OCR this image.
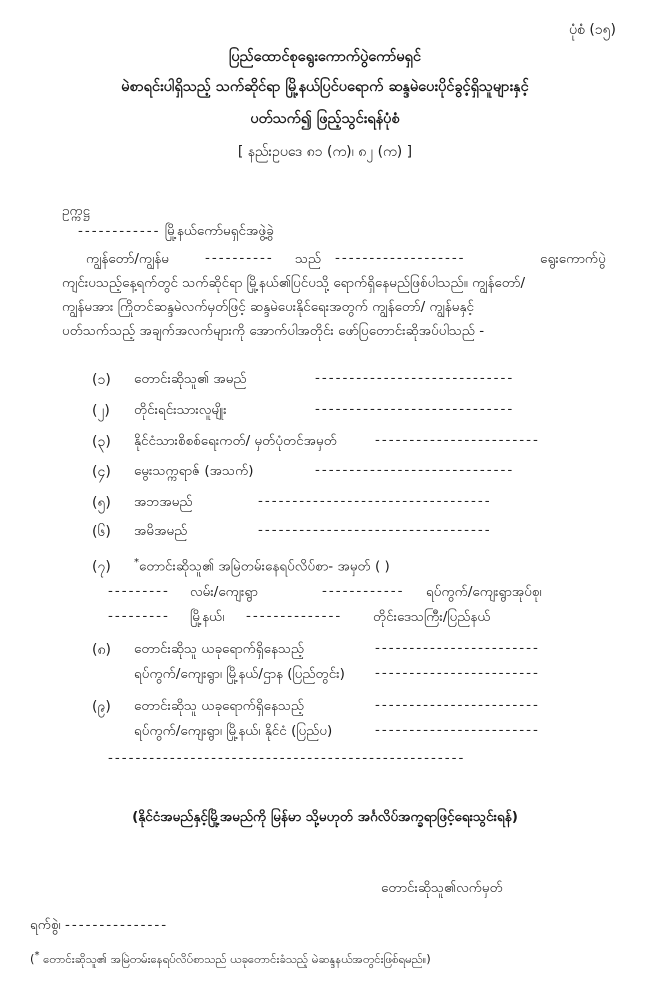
ပုံစံ (၁၅)
ပြည်ထောင်စုရွေးကောက်ပွဲကော်မရှင်
မဲစာရင်းပါရှိသည့် သက်ဆိုင်ရာ မြို့နယ်ပြင်ပရောက် ဆန္ဒမဲပေးပိုင်ခွင့်ရှိသူများနှင့်
ပတ်သက်၍ ဖြည့်သွင်းရန်ပုံစံ
[ နည်းဥပဒေ ၈၁ (က)၊ ၈၂ (က) ]
ဥက္ကဋ္ဌ
------------ မြို့နယ်ကော်မရှင်အဖွဲ့ခွဲ
ကျွန်တော်/ကျွန်မ	---------- သည် -------------------	ရွေးကောက်ပွဲ
ကျင်းပသည့်နေ့ရက်တွင် သက်ဆိုင်ရာ မြို့နယ်၏ပြင်ပသို့ ရောက်ရှိနေမည်ဖြစ်ပါသည်။ ကျွန်တော်/
ကျွန်မအား ကြိုတင်ဆန္ဒမဲလက်မှတ်ဖြင့် ဆန္ဒမဲပေးနိုင်ရေးအတွက် ကျွန်တော်/ ကျွန်မနှင့်
ပတ်သက်သည့် အချက်အလက်များကို အောက်ပါအတိုင်း ဖော်ပြတောင်းဆိုအပ်ပါသည် -
(၁) တောင်းဆိုသူ၏ အမည်	-----------------------------
(၂) တိုင်းရင်းသားလူမျိုး	-----------------------------
(၃) နိုင်ငံသားစိစစ်ရေးကတ်/ မှတ်ပုံတင်အမှတ်	------------------------
(၄) မွေးသက္ကရာဇ် (အသက်)	-----------------------------
(၅) အဘအမည်	----------------------------------
(၆) အမိအမည်	----------------------------------
(၇) *တောင်းဆိုသူ၏ အမြဲတမ်းနေရပ်လိပ်စာ- အမှတ် ( )
--------- လမ်း/ကျေးရွာ	------------ ရပ်ကွက်/ကျေးရွာအုပ်စု၊
--------- မြို့နယ်၊ -------------- တိုင်းဒေသကြီး/ပြည်နယ်
(၈) တောင်းဆိုသူ ယခုရောက်ရှိနေသည့်	------------------------
ရပ်ကွက်/ကျေးရွာ၊ မြို့နယ်/ဌာန (ပြည်တွင်း) ------------------------
(၉) တောင်းဆိုသူ ယခုရောက်ရှိနေသည့်	------------------------
ရပ်ကွက်/ကျေးရွာ၊ မြို့နယ်၊ နိုင်ငံ (ပြည်ပ)	------------------------
----------------------------------------------------
(နိုင်ငံအမည်နှင့်မြို့အမည်ကို မြန်မာ သို့မဟုတ် အင်္ဂလိပ်အက္ခရာဖြင့်ရေးသွင်းရန်)
တောင်းဆိုသူ၏လက်မှတ်
ရက်စွဲ၊ ---------------
(* တောင်းဆိုသူ၏ အမြဲတမ်းနေရပ်လိပ်စာသည် ယခုတောင်းခံသည့် မဲဆန္ဒနယ်အတွင်းဖြစ်ရမည်။)
